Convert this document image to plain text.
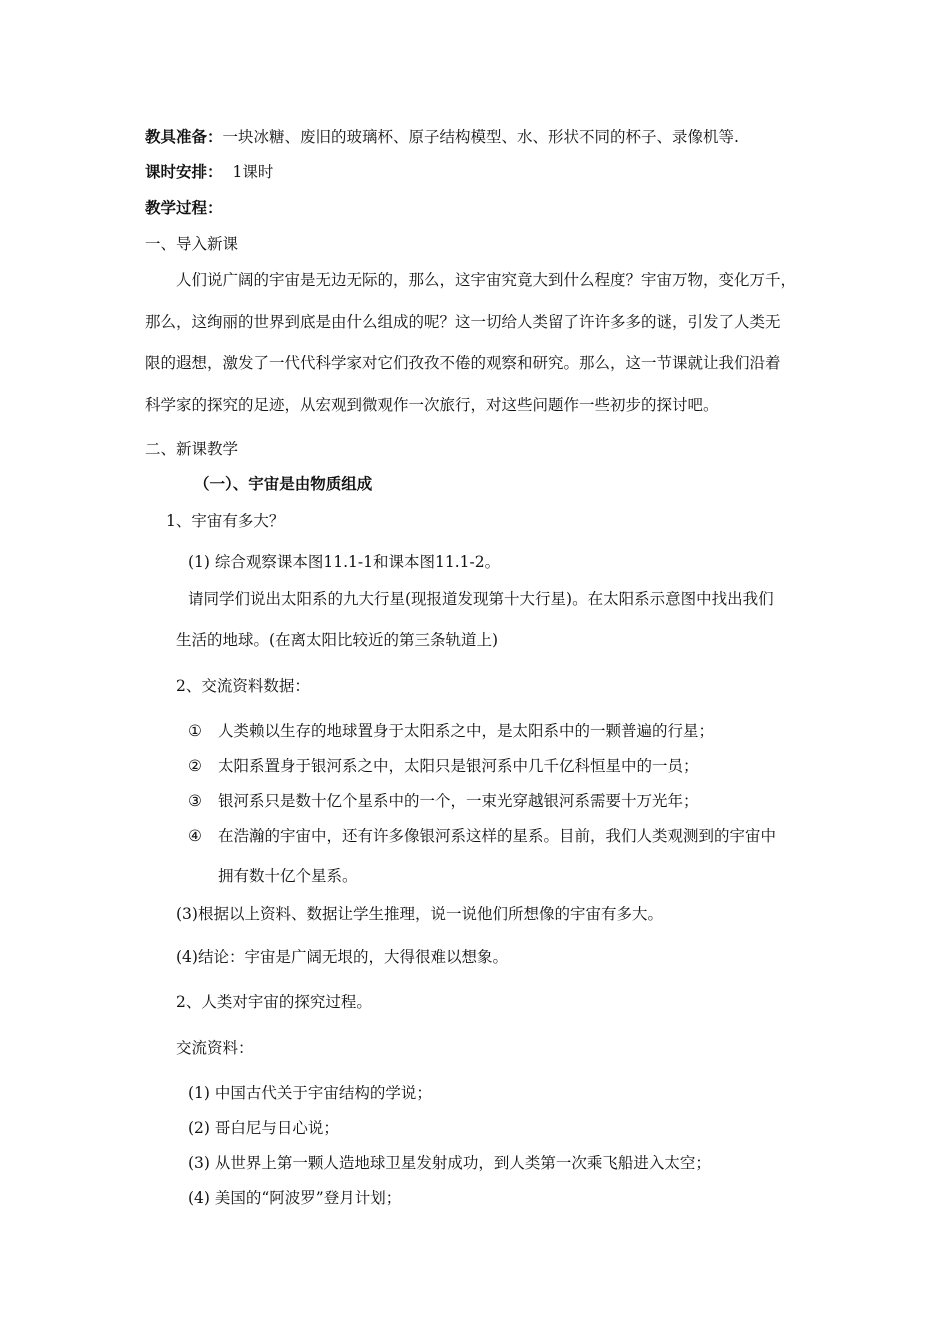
教具准备：一块冰糖、废旧的玻璃杯、原子结构模型、水、形状不同的杯子、录像机等.
课时安排： 1课时
教学过程：
一、导入新课
人们说广阔的宇宙是无边无际的，那么，这宇宙究竟大到什么程度？宇宙万物，变化万千，
那么，这绚丽的世界到底是由什么组成的呢？这一切给人类留了许许多多的谜，引发了人类无
限的遐想，激发了一代代科学家对它们孜孜不倦的观察和研究。那么，这一节课就让我们沿着
科学家的探究的足迹，从宏观到微观作一次旅行，对这些问题作一些初步的探讨吧。
二、新课教学
（一）、宇宙是由物质组成
1、宇宙有多大？
(1) 综合观察课本图11.1-1和课本图11.1-2。
请同学们说出太阳系的九大行星(现报道发现第十大行星)。在太阳系示意图中找出我们
生活的地球。(在离太阳比较近的第三条轨道上)
2、交流资料数据：
① 人类赖以生存的地球置身于太阳系之中，是太阳系中的一颗普遍的行星；
② 太阳系置身于银河系之中，太阳只是银河系中几千亿科恒星中的一员；
③ 银河系只是数十亿个星系中的一个，一束光穿越银河系需要十万光年；
④ 在浩瀚的宇宙中，还有许多像银河系这样的星系。目前，我们人类观测到的宇宙中
拥有数十亿个星系。
(3)根据以上资料、数据让学生推理，说一说他们所想像的宇宙有多大。
(4)结论：宇宙是广阔无垠的，大得很难以想象。
2、人类对宇宙的探究过程。
交流资料：
(1) 中国古代关于宇宙结构的学说；
(2) 哥白尼与日心说；
(3) 从世界上第一颗人造地球卫星发射成功，到人类第一次乘飞船进入太空；
(4) 美国的“阿波罗”登月计划；
